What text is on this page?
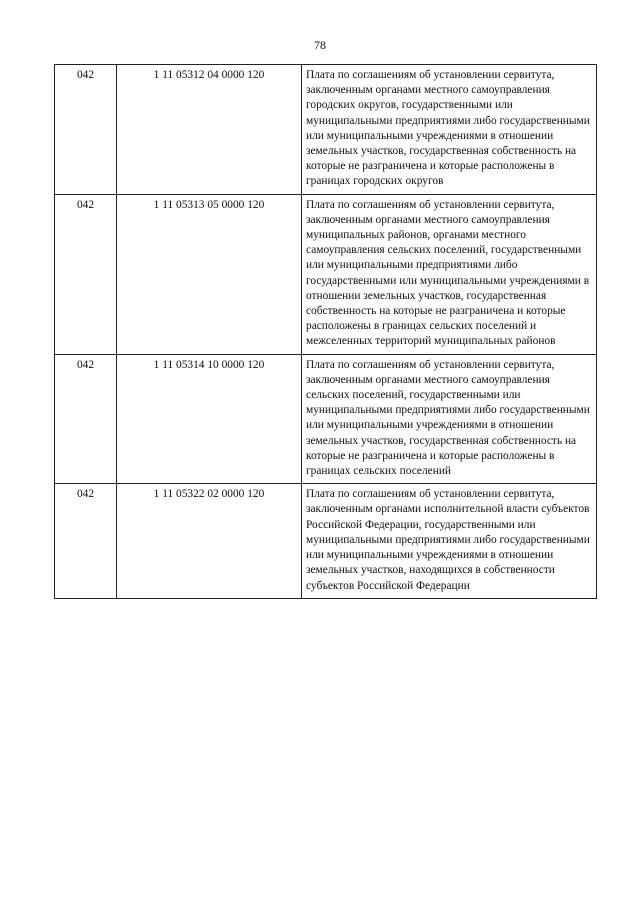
78
042	1 11 05312 04 0000 120	Плата по соглашениям об установлении сервитута, заключенным органами местного самоуправления городских округов, государственными или муниципальными предприятиями либо государственными или муниципальными учреждениями в отношении земельных участков, государственная собственность на которые не разграничена и которые расположены в границах городских округов
042	1 11 05313 05 0000 120	Плата по соглашениям об установлении сервитута, заключенным органами местного самоуправления муниципальных районов, органами местного самоуправления сельских поселений, государственными или муниципальными предприятиями либо государственными или муниципальными учреждениями в отношении земельных участков, государственная собственность на которые не разграничена и которые расположены в границах сельских поселений и межселенных территорий муниципальных районов
042	1 11 05314 10 0000 120	Плата по соглашениям об установлении сервитута, заключенным органами местного самоуправления сельских поселений, государственными или муниципальными предприятиями либо государственными или муниципальными учреждениями в отношении земельных участков, государственная собственность на которые не разграничена и которые расположены в границах сельских поселений
042	1 11 05322 02 0000 120	Плата по соглашениям об установлении сервитута, заключенным органами исполнительной власти субъектов Российской Федерации, государственными или муниципальными предприятиями либо государственными или муниципальными учреждениями в отношении земельных участков, находящихся в собственности субъектов Российской Федерации
